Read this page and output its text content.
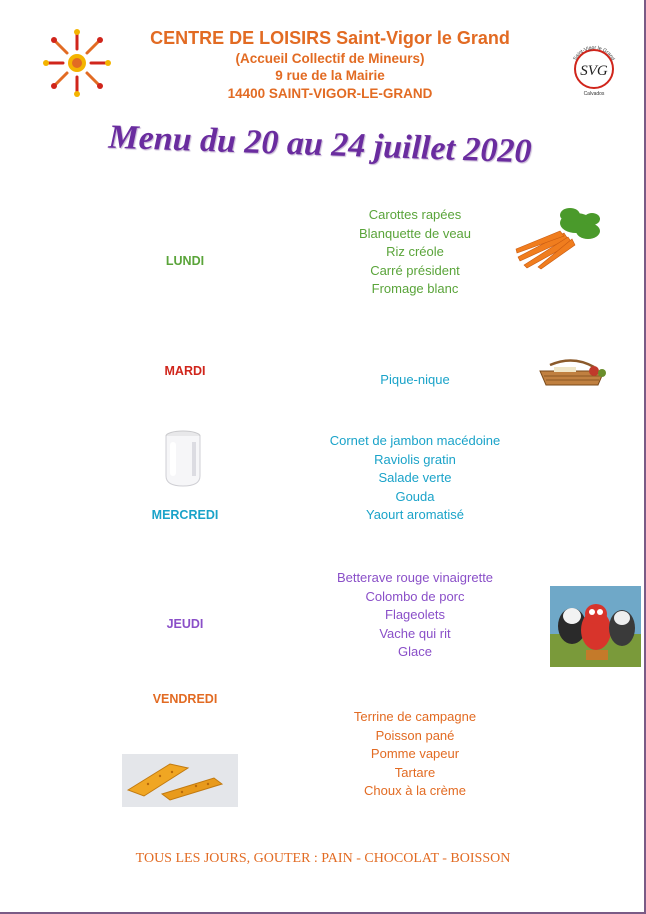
CENTRE DE LOISIRS Saint-Vigor le Grand
(Accueil Collectif de Mineurs)
9 rue de la Mairie
14400 SAINT-VIGOR-LE-GRAND
Saint-Vigor le Grand
SVG
Calvados
Menu du 20 au 24 juillet 2020
LUNDI
Carottes rapées
Blanquette de veau
Riz créole
Carré président
Fromage blanc
MARDI
Pique-nique
MERCREDI
Cornet de jambon macédoine
Raviolis gratin
Salade verte
Gouda
Yaourt aromatisé
JEUDI
Betterave rouge vinaigrette
Colombo de porc
Flageolets
Vache qui rit
Glace
VENDREDI
Terrine de campagne
Poisson pané
Pomme vapeur
Tartare
Choux à la crème
TOUS LES JOURS, GOUTER : PAIN - CHOCOLAT - BOISSON
